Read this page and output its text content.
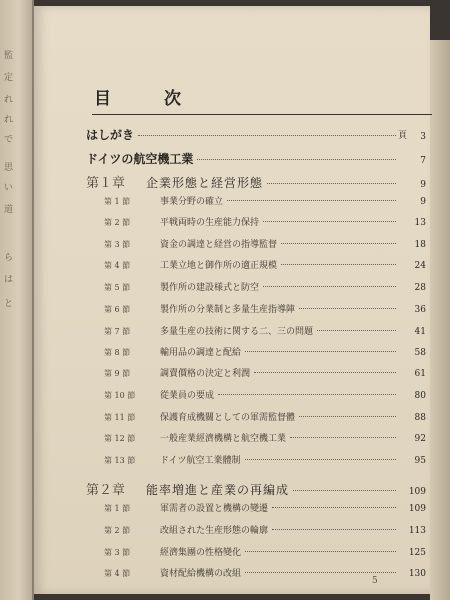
監
定
れ
れ
で
思
い
道
ら
は
と
目　次
頁
はしがき	3
ドイツの航空機工業	7
第１章	企業形態と経営形態	9
第 1 節	事業分野の確立	9
第 2 節	平戦両時の生産能力保持	13
第 3 節	資金の調達と経営の指導監督	18
第 4 節	工業立地と御作所の適正規模	24
第 5 節	製作所の建設様式と防空	28
第 6 節	製作所の分業制と多量生産指導陣	36
第 7 節	多量生産の技術に関する二、三の問題	41
第 8 節	輸用品の調達と配給	58
第 9 節	調賣價格の決定と利潤	61
第 10 節	從業員の要成	80
第 11 節	保護育成機關としての軍需監督體	88
第 12 節	一般産業經濟機構と航空機工業	92
第 13 節	ドイツ航空工業體制	95
第２章	能率増進と産業の再編成	109
第 1 節	軍需者の設置と機構の變遷	109
第 2 節	改組された生産形態の輪廓	113
第 3 節	經濟集團の性格變化	125
第 4 節	資材配給機構の改組	130
5
